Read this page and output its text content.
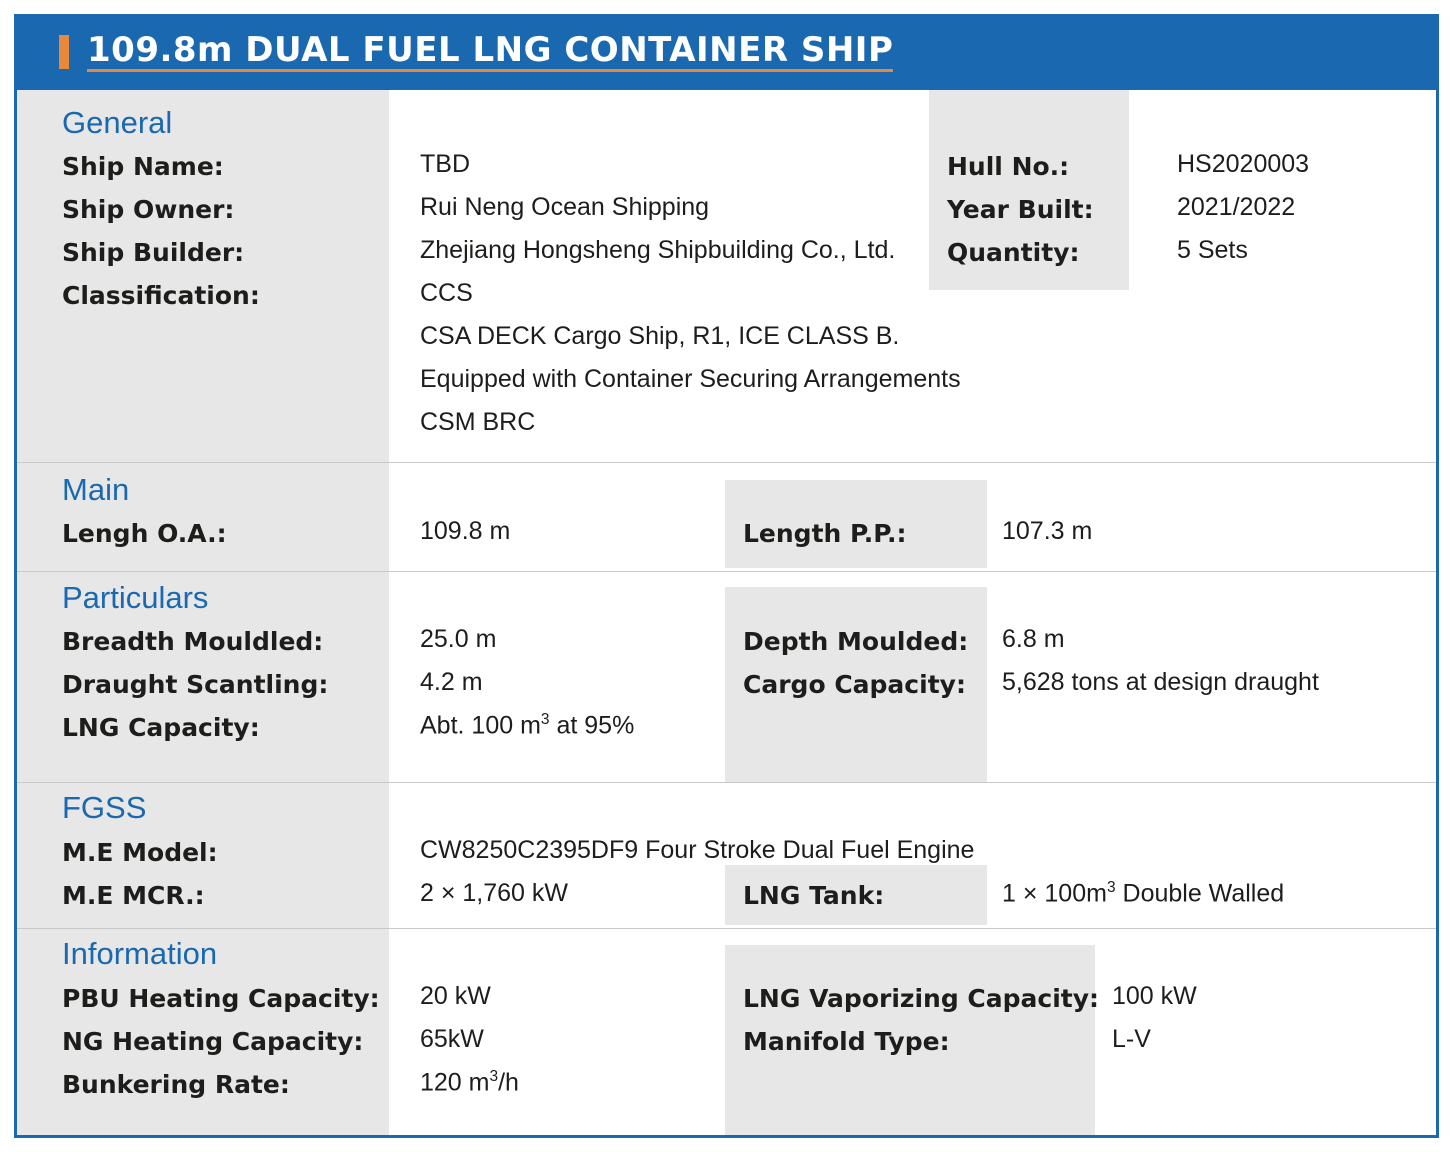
109.8m DUAL FUEL LNG CONTAINER SHIP
General
Ship Name:	TBD
Ship Owner:	Rui Neng Ocean Shipping
Ship Builder:	Zhejiang Hongsheng Shipbuilding Co., Ltd.
Classification:	CCS
CSA DECK Cargo Ship, R1, ICE CLASS B.
Equipped with Container Securing Arrangements
CSM BRC
Hull No.:	HS2020003
Year Built:	2021/2022
Quantity:	5 Sets
Main
Lengh O.A.:	109.8 m	Length P.P.:	107.3 m
Particulars
Breadth Mouldled:	25.0 m
Draught Scantling:	4.2 m
LNG Capacity:	Abt. 100 $m^3$ at 95%
Depth Moulded: 6.8 m
Cargo Capacity: 5,628 tons at design draught
FGSS
M.E Model:	CW8250C2395DF9 Four Stroke Dual Fuel Engine
M.E MCR.:	2 × 1,760 kW	LNG Tank:	$1 \times 100m^3$ Double Walled
Information
PBU Heating Capacity: 20 kW
NG Heating Capacity: 65kW
Bunkering Rate:	120 $m^3/h$
LNG Vaporizing Capacity: 100 kW
Manifold Type:	L-V
